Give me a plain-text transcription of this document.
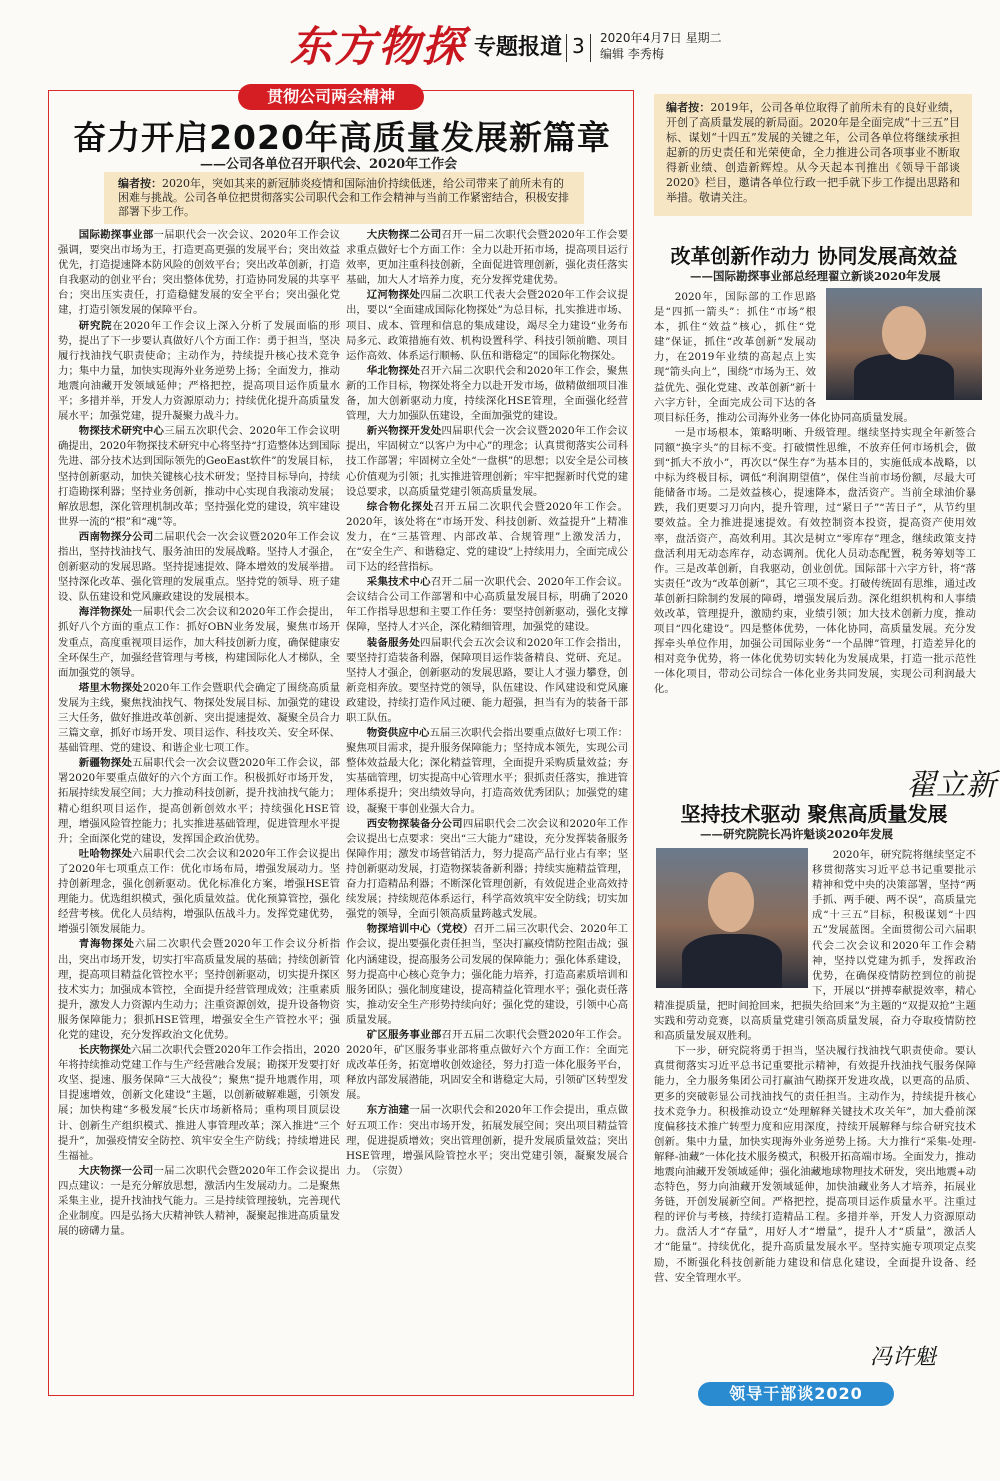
东方物探 专题报道 3 2020年4月7日 星期二
编辑 李秀梅
贯彻公司两会精神
奋力开启2020年高质量发展新篇章
——公司各单位召开职代会、2020年工作会
编者按：2020年，突如其来的新冠肺炎疫情和国际油价持续低迷，给公司带来了前所未有的困难与挑战。公司各单位把贯彻落实公司职代会和工作会精神与当前工作紧密结合，积极安排部署下步工作。

国际勘探事业部一届职代会一次会议、2020年工作会议强调，要突出市场为王，打造更高更强的发展平台；突出效益优先，打造提速降本防风险的创效平台；突出改革创新，打造自我驱动的创业平台；突出整体优势，打造协同发展的共享平台；突出压实责任，打造稳健发展的安全平台；突出强化党建，打造引领发展的保障平台。

研究院在2020年工作会议上深入分析了发展面临的形势，提出了下一步要认真做好八个方面工作：勇于担当，坚决履行找油找气职责使命；主动作为，持续提升核心技术竞争力；集中力量，加快实现海外业务逆势上扬；全面发力，推动地震向油藏开发领域延伸；严格把控，提高项目运作质量水平；多措并举，开发人力资源原动力；持续优化提升高质量发展水平；加强党建，提升凝聚力战斗力。

物探技术研究中心三届五次职代会、2020年工作会议明确提出，2020年物探技术研究中心将坚持“打造整体达到国际先进、部分技术达到国际领先的GeoEast软件”的发展目标，坚持创新驱动，加快关键核心技术研发；坚持目标导向，持续打造勘探利器；坚持业务创新，推动中心实现自我滚动发展；解放思想，深化管理机制改革；坚持强化党的建设，筑牢建设世界一流的“根”和“魂”等。

西南物探分公司二届职代会一次会议暨2020年工作会议指出，坚持找油找气、服务油田的发展战略。坚持人才强企，创新驱动的发展思路。坚持提速提效、降本增效的发展举措。坚持深化改革、强化管理的发展重点。坚持党的领导、班子建设、队伍建设和党风廉政建设的发展根本。

海洋物探处一届职代会二次会议和2020年工作会提出，抓好八个方面的重点工作：抓好OBN业务发展，聚焦市场开发重点，高度重视项目运作，加大科技创新力度，确保健康安全环保生产，加强经营管理与考核，构建国际化人才梯队，全面加强党的领导。

塔里木物探处2020年工作会暨职代会确定了围绕高质量发展为主线，聚焦找油找气、物探处发展目标、加强党的建设三大任务，做好推进改革创新、突出提速提效、凝聚全员合力三篇文章，抓好市场开发、项目运作、科技攻关、安全环保、基础管理、党的建设、和谐企业七项工作。

新疆物探处五届职代会一次会议暨2020年工作会议，部署2020年要重点做好的六个方面工作。积极抓好市场开发，拓展持续发展空间；大力推动科技创新，提升找油找气能力；精心组织项目运作，提高创新创效水平；持续强化HSE管理，增强风险管控能力；扎实推进基础管理，促进管理水平提升；全面深化党的建设，发挥国企政治优势。

吐哈物探处六届职代会二次会议和2020年工作会议提出了2020年七项重点工作：优化市场布局，增强发展动力。坚持创新理念，强化创新驱动。优化标准化方案，增强HSE管理能力。优选组织模式，强化质量效益。优化预算管控，强化经营考核。优化人员结构，增强队伍战斗力。发挥党建优势，增强引领发展能力。

青海物探处六届二次职代会暨2020年工作会议分析指出，突出市场开发，切实打牢高质量发展的基础；持续创新管理，提高项目精益化管控水平；坚持创新驱动，切实提升探区技术实力；加强成本管控，全面提升经营管理成效；注重素质提升，激发人力资源内生动力；注重资源创效，提升设备物资服务保障能力；狠抓HSE管理，增强安全生产管控水平；强化党的建设，充分发挥政治文化优势。

长庆物探处六届二次职代会暨2020年工作会指出，2020年将持续推动党建工作与生产经营融合发展；勘探开发要打好攻坚、提速、服务保障“三大战役”；聚焦“提升地震作用，项目提速增效，创新文化建设”主题，以创新破解难题，引领发展；加快构建“多极发展”长庆市场新格局；重构项目顶层设计、创新生产组织模式、推进人事管理改革；深入推进“三个提升”，加强疫情安全防控、筑牢安全生产防线；持续增进民生福祉。

大庆物探一公司一届二次职代会暨2020年工作会议提出四点建议：一是充分解放思想，激活内生发展动力。二是聚焦采集主业，提升找油找气能力。三是持续管理接轨，完善现代企业制度。四是弘扬大庆精神铁人精神，凝聚起推进高质量发展的磅礴力量。

大庆物探二公司召开一届二次职代会暨2020年工作会要求重点做好七个方面工作：全力以赴开拓市场，提高项目运行效率，更加注重科技创新，全面促进管理创新，强化责任落实基础，加大人才培养力度，充分发挥党建优势。

辽河物探处四届二次职工代表大会暨2020年工作会议提出，要以“全面建成国际化物探处”为总目标，扎实推进市场、项目、成本、管理和信息的集成建设，竭尽全力建设“业务布局多元、政策措施有效、机构设置科学、科技引领前瞻、项目运作高效、体系运行顺畅、队伍和谐稳定”的国际化物探处。

华北物探处召开六届二次职代会和2020年工作会，聚焦新的工作目标，物探处将全力以赴开发市场，做精做细项目准备，加大创新驱动力度，持续深化HSE管理，全面强化经营管理，大力加强队伍建设，全面加强党的建设。

新兴物探开发处四届职代会一次会议暨2020年工作会议提出，牢固树立“以客户为中心”的理念；认真贯彻落实公司科技工作部署；牢固树立全处“一盘棋”的思想；以安全是公司核心价值观为引领；扎实推进管理创新；牢牢把握新时代党的建设总要求，以高质量党建引领高质量发展。

综合物化探处召开五届二次职代会暨2020年工作会。2020年，该处将在“市场开发、科技创新、效益提升”上精准发力，在“三基管理、内部改革、合规管理”上激发活力，在“安全生产、和谐稳定、党的建设”上持续用力，全面完成公司下达的经营指标。

采集技术中心召开二届一次职代会、2020年工作会议。会议结合公司工作部署和中心高质量发展目标，明确了2020年工作指导思想和主要工作任务：要坚持创新驱动，强化支撑保障，坚持人才兴企，深化精细管理，加强党的建设。

装备服务处四届职代会五次会议和2020年工作会指出，要坚持打造装备利器，保障项目运作装备精良、党研、充足。坚持人才强企，创新驱动的发展思路，要让人才强力攀登，创新竞相奔放。要坚持党的领导，队伍建设、作风建设和党风廉政建设，持续打造作风过硬、能力超强，担当有为的装备干部职工队伍。

物资供应中心五届三次职代会指出要重点做好七项工作：聚焦项目需求，提升服务保障能力；坚持成本领先，实现公司整体效益最大化；深化精益管理，全面提升采购质量效益；夯实基础管理，切实提高中心管理水平；狠抓责任落实，推进管理体系提升；突出绩效导向，打造高效优秀团队；加强党的建设，凝聚干事创业强大合力。

西安物探装备分公司四届职代会二次会议和2020年工作会议提出七点要求：突出“三大能力”建设，充分发挥装备服务保障作用；激发市场营销活力，努力提高产品行业占有率；坚持创新驱动发展，打造物探装备新利器；持续实施精益管理，奋力打造精品利器；不断深化管理创新，有效促进企业高效持续发展；持续规范体系运行，科学高效筑牢安全防线；切实加强党的领导，全面引领高质量跨越式发展。

物探培训中心（党校）召开二届三次职代会、2020年工作会议，提出要强化责任担当，坚决打赢疫情防控阻击战；强化内涵建设，提高服务公司发展的保障能力；强化体系建设，努力提高中心核心竞争力；强化能力培养，打造高素质培训和服务团队；强化制度建设，提高精益化管理水平；强化责任落实，推动安全生产形势持续向好；强化党的建设，引领中心高质量发展。

矿区服务事业部召开五届二次职代会暨2020年工作会。2020年，矿区服务事业部将重点做好六个方面工作：全面完成改革任务，拓宽增收创效途径，努力打造一体化服务平台，释放内部发展潜能，巩固安全和谐稳定大局，引领矿区转型发展。

东方油建一届一次职代会和2020年工作会提出，重点做好五项工作：突出市场开发，拓展发展空间；突出项目精益管理，促进提质增效；突出管理创新，提升发展质量效益；突出HSE管理，增强风险管控水平；突出党建引领，凝聚发展合力。　（宗贺）

编者按：2019年，公司各单位取得了前所未有的良好业绩，开创了高质量发展的新局面。2020年是全面完成“十三五”目标、谋划“十四五”发展的关键之年，公司各单位将继续承担起新的历史责任和光荣使命，全力推进公司各项事业不断取得新业绩、创造新辉煌。从今天起本刊推出《领导干部谈2020》栏目，邀请各单位行政一把手就下步工作提出思路和举措。敬请关注。
改革创新作动力 协同发展高效益
——国际勘探事业部总经理翟立新谈2020年发展

2020年，国际部的工作思路是“四抓一箭头”：抓住“市场”根本，抓住“效益”核心，抓住“党建”保证，抓住“改革创新”发展动力，在2019年业绩的高起点上实现“箭头向上”，围绕“市场为王、效益优先、强化党建、改革创新”新十六字方针，全面完成公司下达的各项目标任务，推动公司海外业务一体化协同高质量发展。

一是市场根本，策略明晰、升级管理。继续坚持实现全年新签合同额“换字头”的目标不变。打破惯性思维，不放弃任何市场机会，做到“抓大不放小”，再次以“保生存”为基本目的，实施低成本战略，以中标为终极目标，调低“利润期望值”，保住当前市场份额，尽最大可能储备市场。二是效益核心，提速降本，盘活资产。当前全球油价暴跌，我们更要习刀向内，提升管理，过“紧日子”“苦日子”，从节约里要效益。全力推进提速提效。有效控制资本投资，提高资产使用效率，盘活资产，高效利用。其次是树立“零库存”理念，继续政策支持盘活利用无动态库存，动态调剂。优化人员动态配置，税务筹划等工作。三是改革创新，自我驱动，创业创优。国际部十六字方针，将“落实责任”改为“改革创新”，其它三项不变。打破传统固有思维，通过改革创新扫除制约发展的障碍，增强发展后劲。深化组织机构和人事绩效改革，管理提升，激励约束，业绩引领；加大技术创新力度，推动项目“四化建设”。四是整体优势，一体化协同，高质量发展。充分发挥牵头单位作用，加强公司国际业务“一个品牌”管理，打造差异化的相对竞争优势，将一体化优势切实转化为发展成果，打造一批示范性一体化项目，带动公司综合一体化业务共同发展，实现公司利润最大化。

翟立新
坚持技术驱动 聚焦高质量发展
——研究院院长冯许魁谈2020年发展

2020年，研究院将继续坚定不移贯彻落实习近平总书记重要批示精神和党中央的决策部署，坚持“两手抓、两手硬、两不误”，高质量完成“十三五”目标，积极谋划“十四五”发展蓝图。全面贯彻公司六届职代会二次会议和2020年工作会精神，坚持以党建为抓手，发挥政治优势，在确保疫情防控到位的前提下，开展以“拼搏奉献提效率，精心精准提质量，把时间抢回来，把损失给回来”为主题的“双提双抢”主题实践和劳动竞赛，以高质量党建引领高质量发展，奋力夺取疫情防控和高质量发展双胜利。

下一步，研究院将勇于担当，坚决履行找油找气职责使命。要认真贯彻落实习近平总书记重要批示精神，有效提升找油找气服务保障能力，全力服务集团公司打赢油气勘探开发进攻战，以更高的品质、更多的突破彰显公司找油找气的责任担当。主动作为，持续提升核心技术竞争力。积极推动设立“处理解释关键技术攻关年”，加大叠前深度偏移技术推广转型力度和应用深度，持续开展解释与综合研究技术创新。集中力量，加快实现海外业务逆势上扬。大力推行“采集-处理-解释-油藏”一体化技术服务模式，积极开拓高端市场。全面发力，推动地震向油藏开发领域延伸；强化油藏地球物理技术研发，突出地震+动态特色，努力向油藏开发领域延伸，加快油藏业务人才培养，拓展业务链，开创发展新空间。严格把控，提高项目运作质量水平。注重过程的评价与考核，持续打造精品工程。多措并举，开发人力资源原动力。盘活人才“存量”，用好人才“增量”，提升人才“质量”，激活人才“能量”。持续优化，提升高质量发展水平。坚持实施专项项定点奖励，不断强化科技创新能力建设和信息化建设，全面提升设备、经营、安全管理水平。

冯许魁
领导干部谈2020
